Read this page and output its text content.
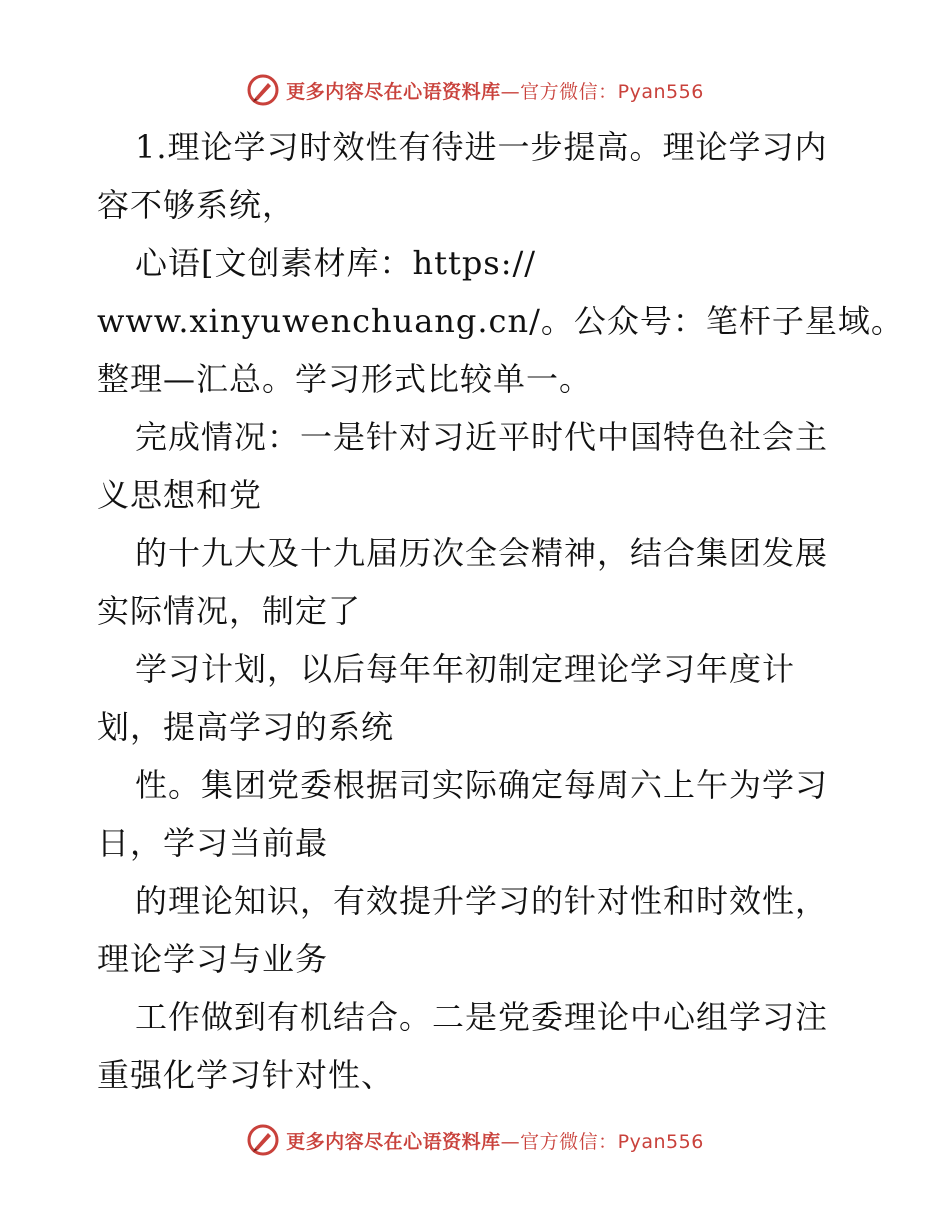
更多内容尽在心语资料库—官方微信：Pyan556
1.理论学习时效性有待进一步提高。理论学习内
容不够系统，
心语[文创素材库：https://
www.xinyuwenchuang.cn/。公众号：笔杆子星域。
整理—汇总。学习形式比较单一。
完成情况：一是针对习近平时代中国特色社会主
义思想和党
的十九大及十九届历次全会精神，结合集团发展
实际情况，制定了
学习计划，以后每年年初制定理论学习年度计
划，提高学习的系统
性。集团党委根据司实际确定每周六上午为学习
日，学习当前最
的理论知识，有效提升学习的针对性和时效性，
理论学习与业务
工作做到有机结合。二是党委理论中心组学习注
重强化学习针对性、
更多内容尽在心语资料库—官方微信：Pyan556
